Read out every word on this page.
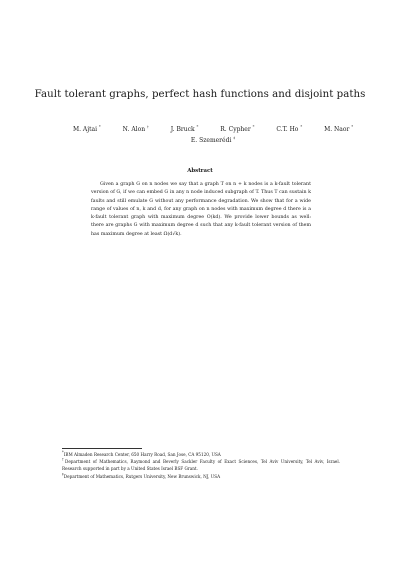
Fault tolerant graphs, perfect hash functions and disjoint paths
M. Ajtai *	N. Alon †	J. Bruck *	R. Cypher *	C.T. Ho *	M. Naor *
E. Szemerédi ‡
Abstract

Given a graph G on n nodes we say that a graph T on n + k nodes is a k-fault tolerant version of G, if we can embed G in any n node induced subgraph of T. Thus T can sustain k faults and still emulate G without any performance degradation. We show that for a wide range of values of n, k and d, for any graph on n nodes with maximum degree d there is a k-fault tolerant graph with maximum degree O(kd). We provide lower bounds as well: there are graphs G with maximum degree d such that any k-fault tolerant version of them has maximum degree at least Ω(d√k).

*IBM Almaden Research Center, 650 Harry Road, San Jose, CA 95120, USA

†Department of Mathematics, Raymond and Beverly Sackler Faculty of Exact Sciences, Tel Aviv University, Tel Aviv, Israel. Research supported in part by a United States Israel BSF Grant.

‡Department of Mathematics, Rutgers University, New Brunswick, NJ, USA
